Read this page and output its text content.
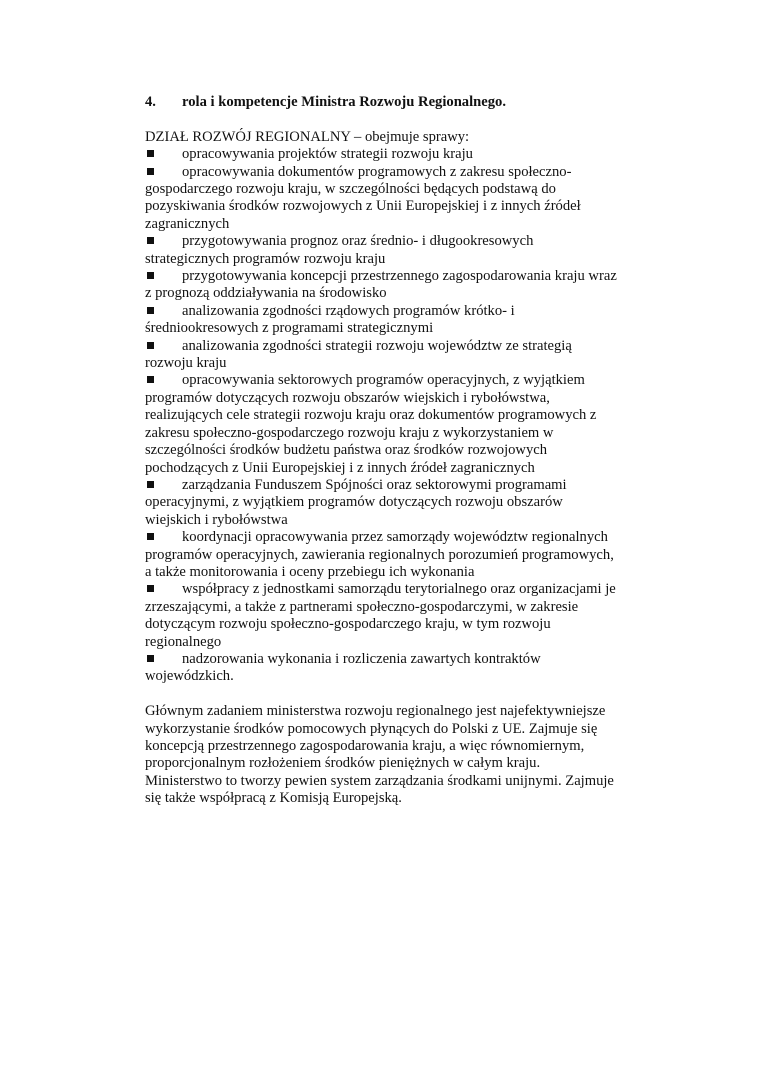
4. rola i kompetencje Ministra Rozwoju Regionalnego.

DZIAŁ ROZWÓJ REGIONALNY – obejmuje sprawy:

opracowywania projektów strategii rozwoju kraju
opracowywania dokumentów programowych z zakresu społeczno-gospodarczego rozwoju kraju, w szczególności będących podstawą do pozyskiwania środków rozwojowych z Unii Europejskiej i z innych źródeł zagranicznych
przygotowywania prognoz oraz średnio- i długookresowych strategicznych programów rozwoju kraju
przygotowywania koncepcji przestrzennego zagospodarowania kraju wraz z prognozą oddziaływania na środowisko
analizowania zgodności rządowych programów krótko- i średniookresowych z programami strategicznymi
analizowania zgodności strategii rozwoju województw ze strategią rozwoju kraju
opracowywania sektorowych programów operacyjnych, z wyjątkiem programów dotyczących rozwoju obszarów wiejskich i rybołówstwa, realizujących cele strategii rozwoju kraju oraz dokumentów programowych z zakresu społeczno-gospodarczego rozwoju kraju z wykorzystaniem w szczególności środków budżetu państwa oraz środków rozwojowych pochodzących z Unii Europejskiej i z innych źródeł zagranicznych
zarządzania Funduszem Spójności oraz sektorowymi programami operacyjnymi, z wyjątkiem programów dotyczących rozwoju obszarów wiejskich i rybołówstwa
koordynacji opracowywania przez samorządy województw regionalnych programów operacyjnych, zawierania regionalnych porozumień programowych, a także monitorowania i oceny przebiegu ich wykonania
współpracy z jednostkami samorządu terytorialnego oraz organizacjami je zrzeszającymi, a także z partnerami społeczno-gospodarczymi, w zakresie dotyczącym rozwoju społeczno-gospodarczego kraju, w tym rozwoju regionalnego
nadzorowania wykonania i rozliczenia zawartych kontraktów wojewódzkich.

Głównym zadaniem ministerstwa rozwoju regionalnego jest najefektywniejsze wykorzystanie środków pomocowych płynących do Polski z UE. Zajmuje się koncepcją przestrzennego zagospodarowania kraju, a więc równomiernym, proporcjonalnym rozłożeniem środków pieniężnych w całym kraju. Ministerstwo to tworzy pewien system zarządzania środkami unijnymi. Zajmuje się także współpracą z Komisją Europejską.
